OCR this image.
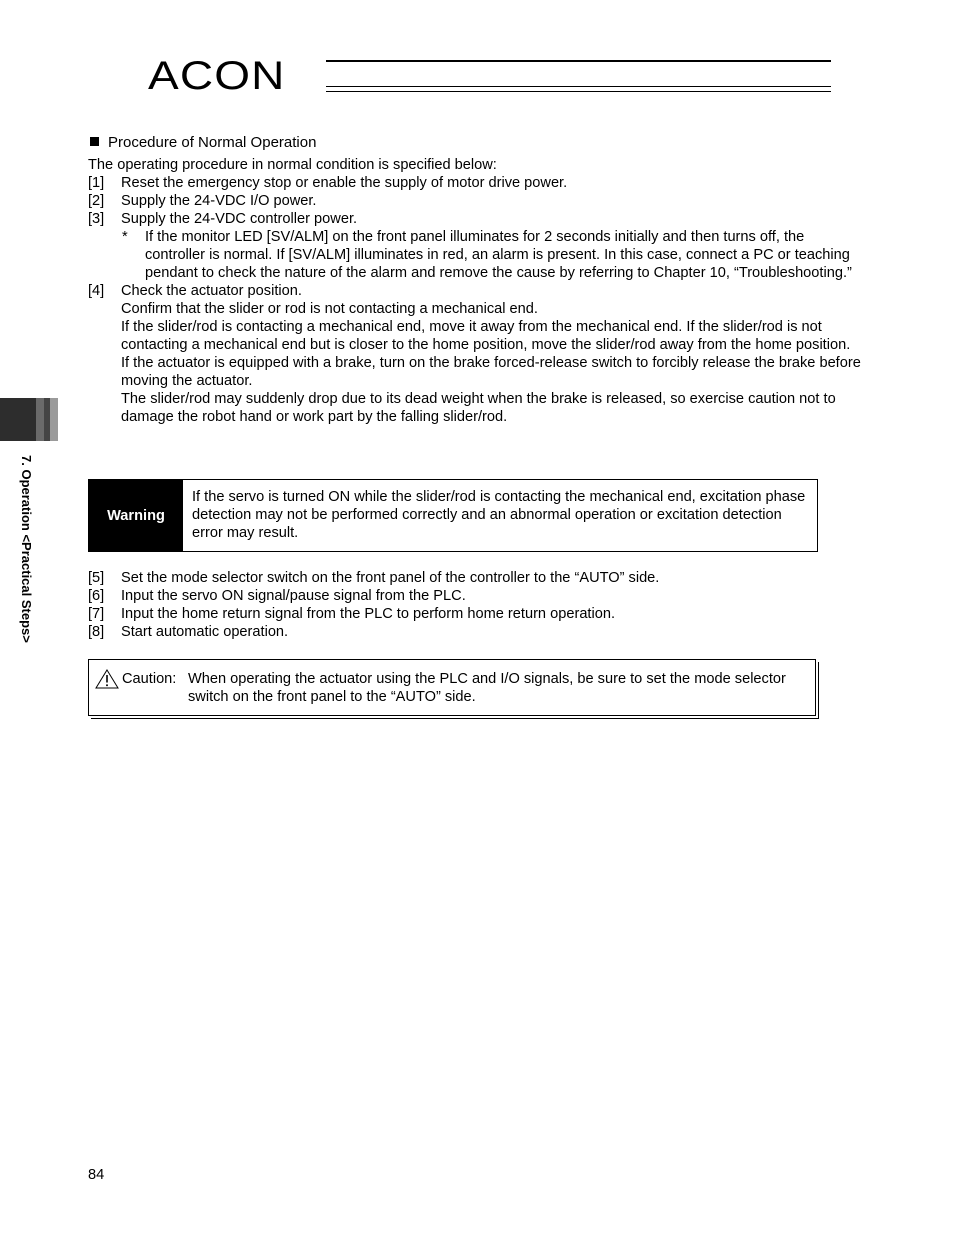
ACON
7. Operation <Practical Steps>
Procedure of Normal Operation

The operating procedure in normal condition is specified below:

[1]	Reset the emergency stop or enable the supply of motor drive power.
[2]	Supply the 24-VDC I/O power.
[3]	Supply the 24-VDC controller power.
*	If the monitor LED [SV/ALM] on the front panel illuminates for 2 seconds initially and then turns off, the controller is normal. If [SV/ALM] illuminates in red, an alarm is present. In this case, connect a PC or teaching pendant to check the nature of the alarm and remove the cause by referring to Chapter 10, “Troubleshooting.”
[4]	Check the actuator position.

Confirm that the slider or rod is not contacting a mechanical end.

If the slider/rod is contacting a mechanical end, move it away from the mechanical end. If the slider/rod is not contacting a mechanical end but is closer to the home position, move the slider/rod away from the home position.

If the actuator is equipped with a brake, turn on the brake forced-release switch to forcibly release the brake before moving the actuator.

The slider/rod may suddenly drop due to its dead weight when the brake is released, so exercise caution not to damage the robot hand or work part by the falling slider/rod.

Warning
If the servo is turned ON while the slider/rod is contacting the mechanical end, excitation phase detection may not be performed correctly and an abnormal operation or excitation detection error may result.
[5]	Set the mode selector switch on the front panel of the controller to the “AUTO” side.
[6]	Input the servo ON signal/pause signal from the PLC.
[7]	Input the home return signal from the PLC to perform home return operation.
[8]	Start automatic operation.
Caution: When operating the actuator using the PLC and I/O signals, be sure to set the mode selector switch on the front panel to the “AUTO” side.
84
